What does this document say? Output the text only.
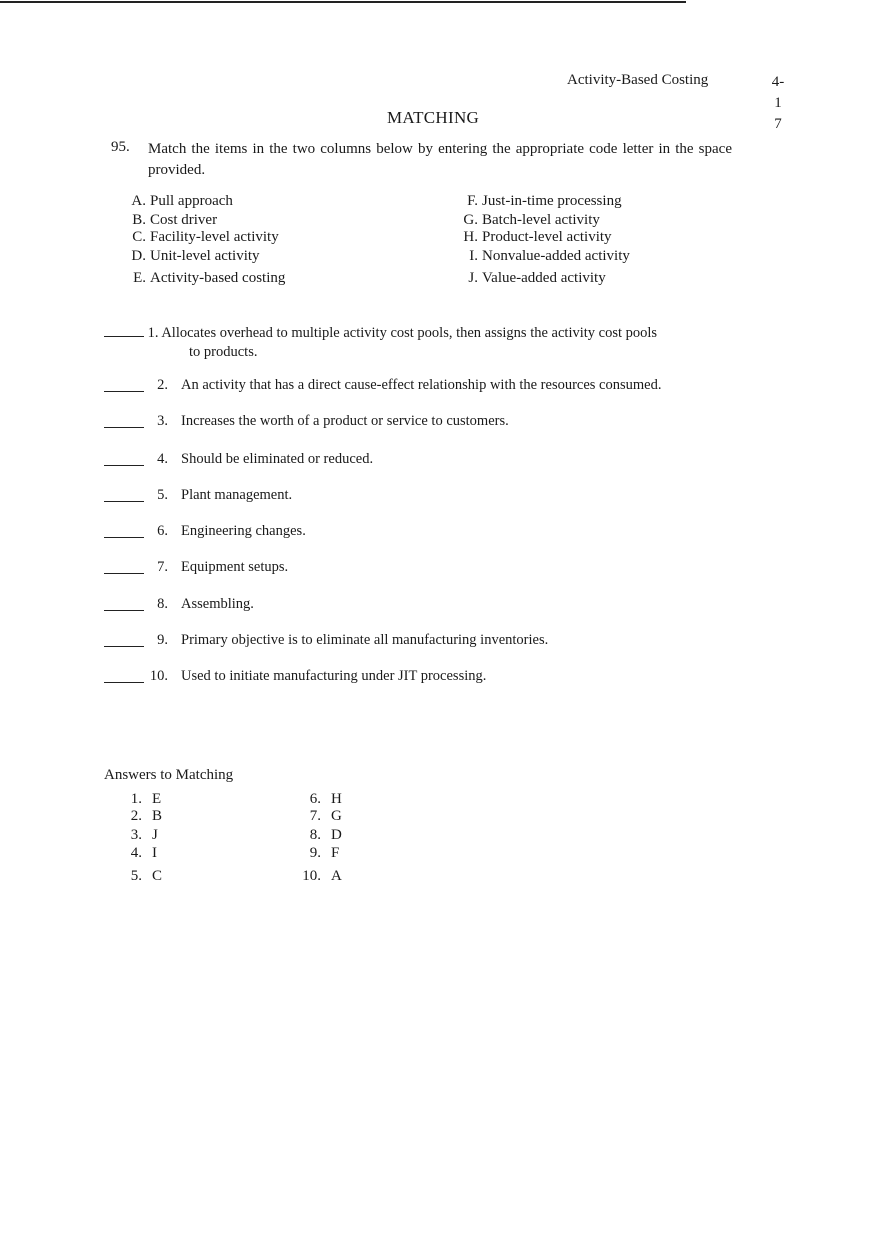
Activity-Based Costing	4-
1
7
MATCHING
95. Match the items in the two columns below by entering the appropriate code letter in the space provided.
A. Pull approach
B. Cost driver
C. Facility-level activity
D. Unit-level activity
E. Activity-based costing
F. Just-in-time processing
G. Batch-level activity
H. Product-level activity
I. Nonvalue-added activity
J. Value-added activity
1. Allocates overhead to multiple activity cost pools, then assigns the activity cost pools
to products.
2. An activity that has a direct cause-effect relationship with the resources consumed.
3. Increases the worth of a product or service to customers.
4. Should be eliminated or reduced.
5. Plant management.
6. Engineering changes.
7. Equipment setups.
8. Assembling.
9. Primary objective is to eliminate all manufacturing inventories.
10. Used to initiate manufacturing under JIT processing.
Answers to Matching
1. E
2. B
3. J
4. I
5. C
6. H
7. G
8. D
9. F
10. A
